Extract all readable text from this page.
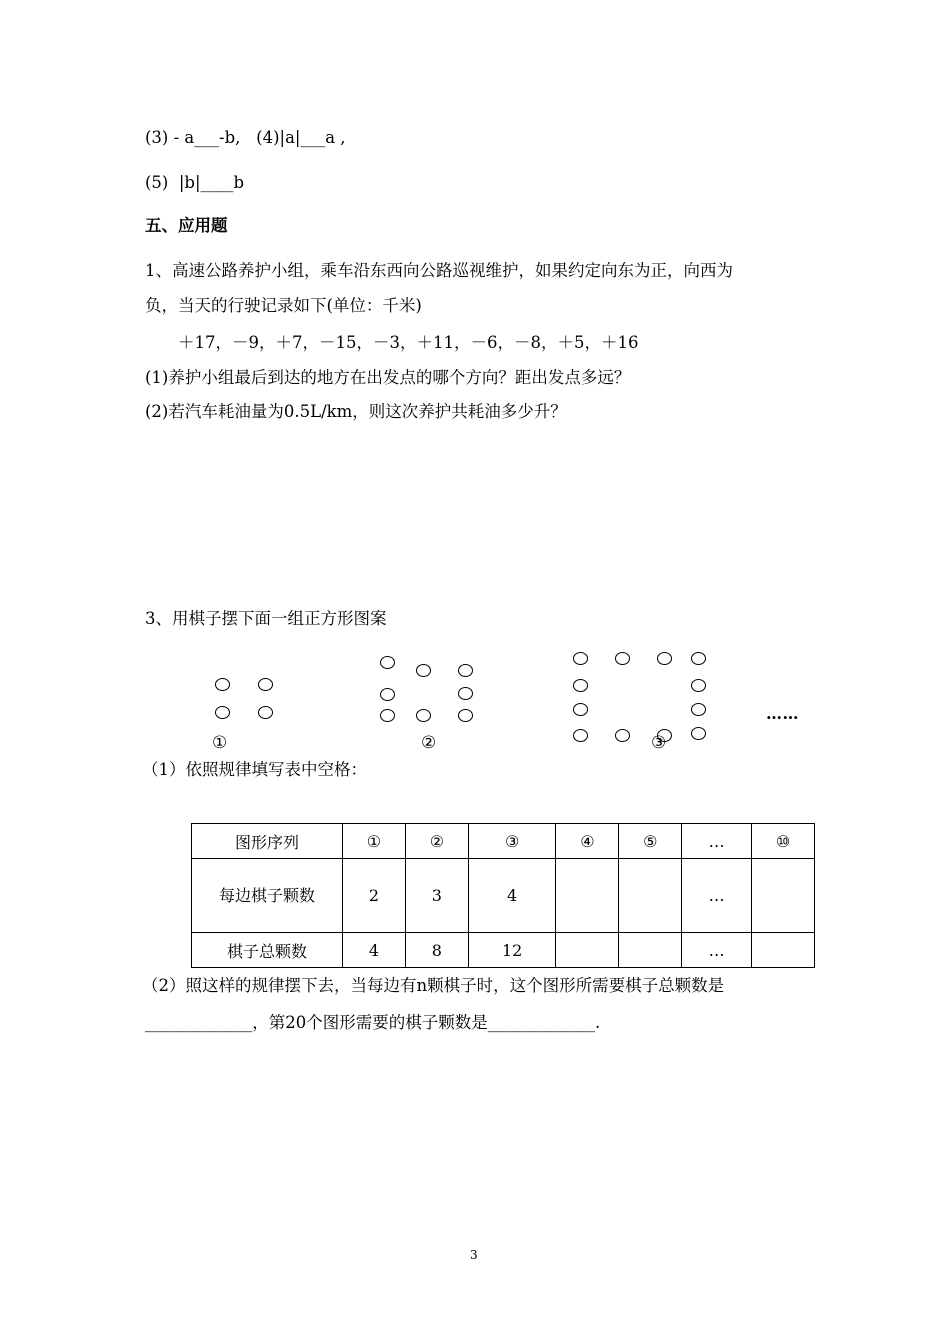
(3) - a___-b,   (4)|a|___a ,
(5)  |b|____b
五、应用题
1、高速公路养护小组，乘车沿东西向公路巡视维护，如果约定向东为正，向西为
负，当天的行驶记录如下(单位：千米)
＋17，－9，＋7，－15，－3，＋11，－6，－8，＋5，＋16
(1)养护小组最后到达的地方在出发点的哪个方向？距出发点多远？
(2)若汽车耗油量为0.5L/km，则这次养护共耗油多少升？
3、用棋子摆下面一组正方形图案
①	②	③
……
（1）依照规律填写表中空格：
图形序列	①	②	③	④	⑤	…	⑩
每边棋子颗数	2	3	4			…	
棋子总颗数	4	8	12			…	
（2）照这样的规律摆下去，当每边有n颗棋子时，这个图形所需要棋子总颗数是
_____________，第20个图形需要的棋子颗数是_____________.
3
